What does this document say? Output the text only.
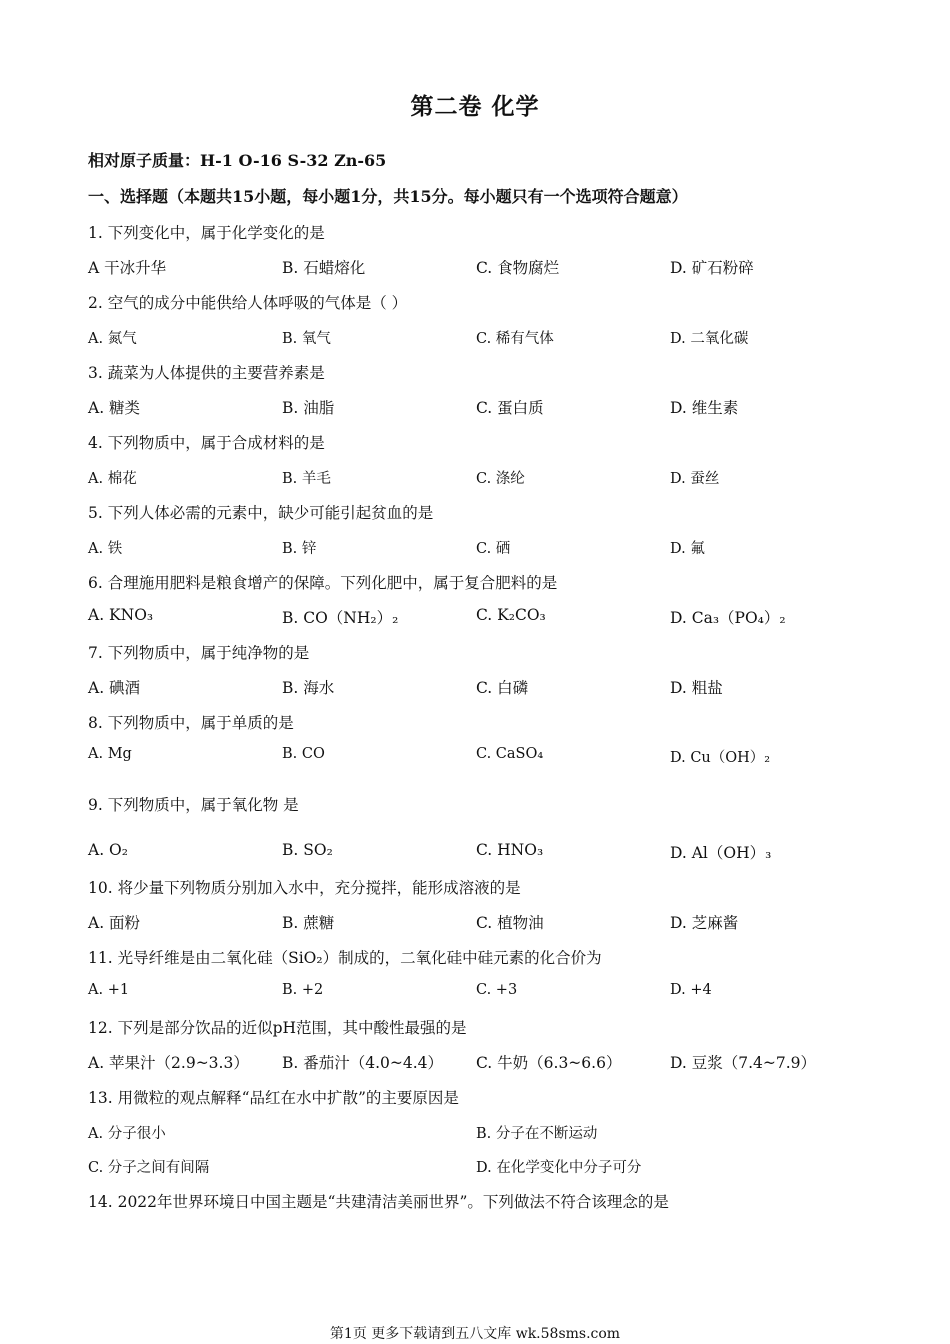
第二卷 化学
相对原子质量：H-1 O-16 S-32 Zn-65
一、选择题（本题共15小题，每小题1分，共15分。每小题只有一个选项符合题意）
1. 下列变化中，属于化学变化的是
A 干冰升华	B. 石蜡熔化	C. 食物腐烂	D. 矿石粉碎
2. 空气的成分中能供给人体呼吸的气体是（ ）
A. 氮气	B. 氧气	C. 稀有气体	D. 二氧化碳
3. 蔬菜为人体提供的主要营养素是
A. 糖类	B. 油脂	C. 蛋白质	D. 维生素
4. 下列物质中，属于合成材料的是
A. 棉花	B. 羊毛	C. 涤纶	D. 蚕丝
5. 下列人体必需的元素中，缺少可能引起贫血的是
A. 铁	B. 锌	C. 硒	D. 氟
6. 合理施用肥料是粮食增产的保障。下列化肥中，属于复合肥料的是
A. KNO₃	B. CO（NH₂）₂	C. K₂CO₃	D. Ca₃（PO₄）₂
7. 下列物质中，属于纯净物的是
A. 碘酒	B. 海水	C. 白磷	D. 粗盐
8. 下列物质中，属于单质的是
A. Mg	B. CO	C. CaSO₄	D. Cu（OH）₂
9. 下列物质中，属于氧化物 是
A. O₂	B. SO₂	C. HNO₃	D. Al（OH）₃
10. 将少量下列物质分别加入水中，充分搅拌，能形成溶液的是
A. 面粉	B. 蔗糖	C. 植物油	D. 芝麻酱
11. 光导纤维是由二氧化硅（SiO₂）制成的，二氧化硅中硅元素的化合价为
A. +1	B. +2	C. +3	D. +4
12. 下列是部分饮品的近似pH范围，其中酸性最强的是
A. 苹果汁（2.9~3.3） B. 番茄汁（4.0~4.4） C. 牛奶（6.3~6.6）	D. 豆浆（7.4~7.9）
13. 用微粒的观点解释“品红在水中扩散”的主要原因是
A. 分子很小	B. 分子在不断运动
C. 分子之间有间隔	D. 在化学变化中分子可分
14. 2022年世界环境日中国主题是“共建清洁美丽世界”。下列做法不符合该理念的是
第1页 更多下载请到五八文库 wk.58sms.com
